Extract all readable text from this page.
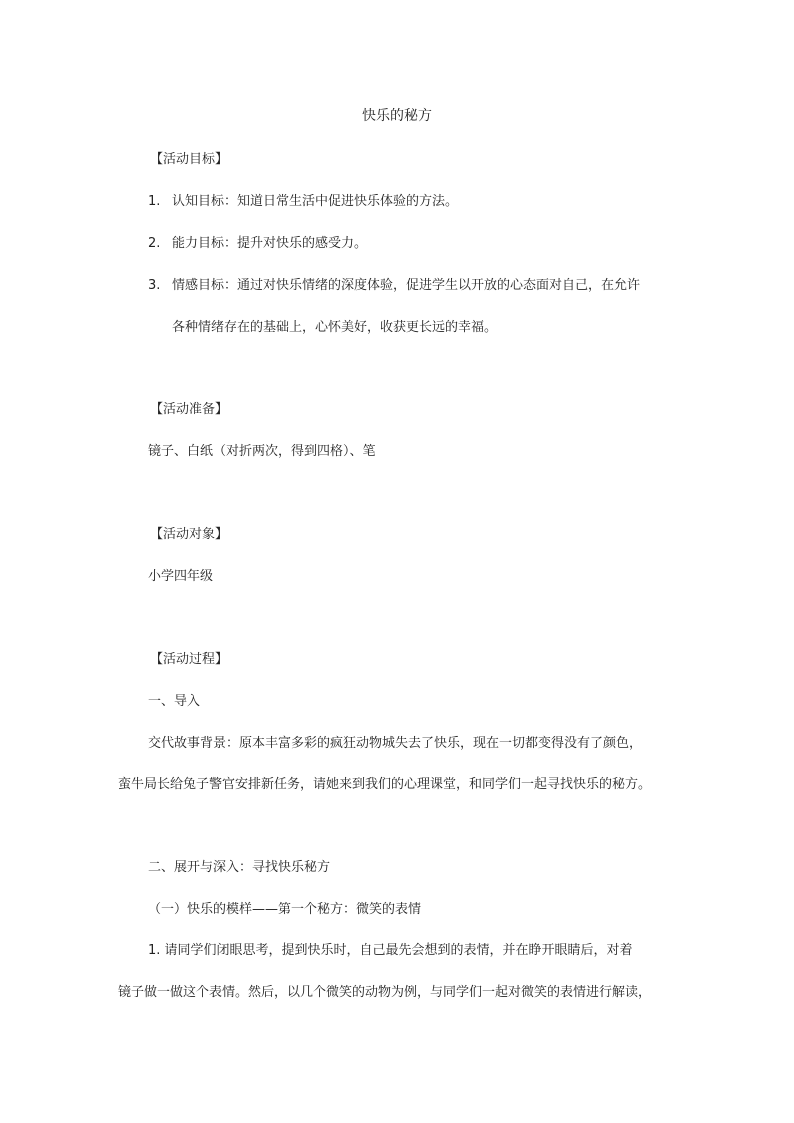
快乐的秘方
【活动目标】
1. 认知目标：知道日常生活中促进快乐体验的方法。
2. 能力目标：提升对快乐的感受力。
3. 情感目标：通过对快乐情绪的深度体验，促进学生以开放的心态面对自己，在允许
各种情绪存在的基础上，心怀美好，收获更长远的幸福。
【活动准备】
镜子、白纸（对折两次，得到四格）、笔
【活动对象】
小学四年级
【活动过程】
一、导入
交代故事背景：原本丰富多彩的疯狂动物城失去了快乐，现在一切都变得没有了颜色，
蛮牛局长给兔子警官安排新任务，请她来到我们的心理课堂，和同学们一起寻找快乐的秘方。
二、展开与深入：寻找快乐秘方
（一）快乐的模样——第一个秘方：微笑的表情
1. 请同学们闭眼思考，提到快乐时，自己最先会想到的表情，并在睁开眼睛后，对着
镜子做一做这个表情。然后，以几个微笑的动物为例，与同学们一起对微笑的表情进行解读，
